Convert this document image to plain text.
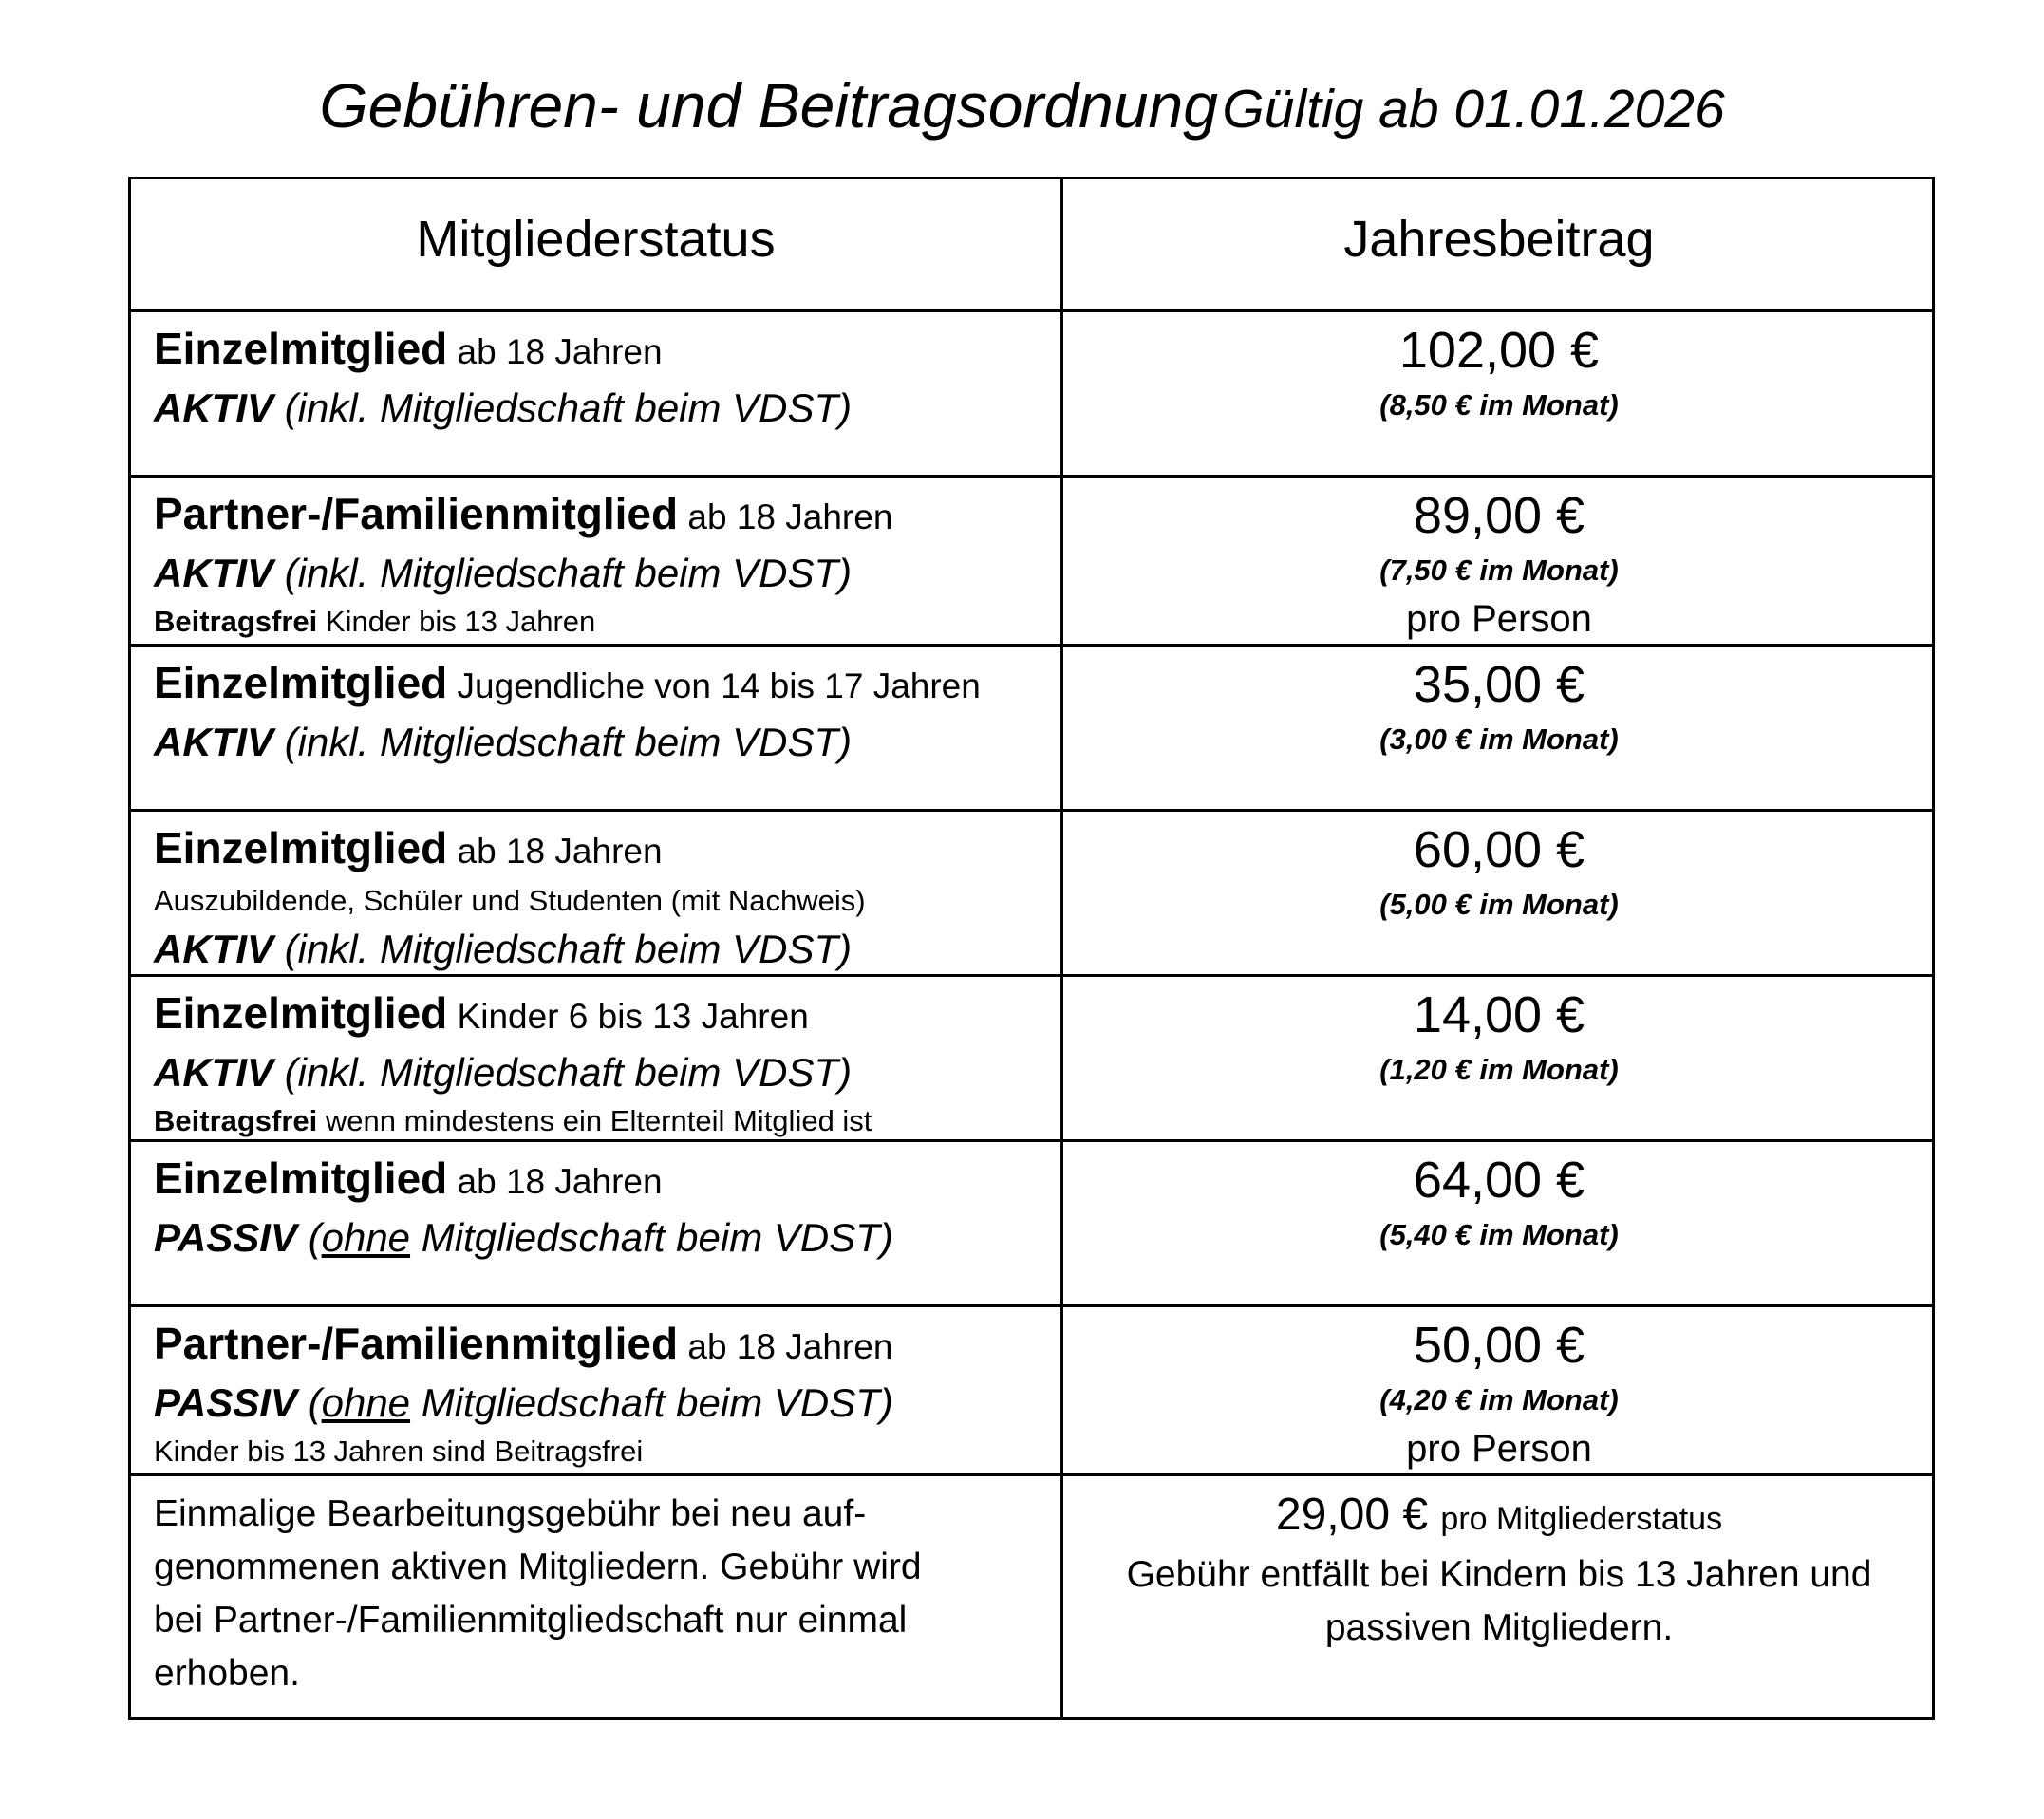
Gebühren- und Beitragsordnung Gültig ab 01.01.2026
Mitgliederstatus	Jahresbeitrag
Einzelmitglied ab 18 Jahren
AKTIV (inkl. Mitgliedschaft beim VDST)
102,00 €
(8,50 € im Monat)
Partner-/Familienmitglied ab 18 Jahren
AKTIV (inkl. Mitgliedschaft beim VDST)
Beitragsfrei Kinder bis 13 Jahren
89,00 €
(7,50 € im Monat)
pro Person
Einzelmitglied Jugendliche von 14 bis 17 Jahren
AKTIV (inkl. Mitgliedschaft beim VDST)
35,00 €
(3,00 € im Monat)
Einzelmitglied ab 18 Jahren
Auszubildende, Schüler und Studenten (mit Nachweis)
AKTIV (inkl. Mitgliedschaft beim VDST)
60,00 €
(5,00 € im Monat)
Einzelmitglied Kinder 6 bis 13 Jahren
AKTIV (inkl. Mitgliedschaft beim VDST)
Beitragsfrei wenn mindestens ein Elternteil Mitglied ist
14,00 €
(1,20 € im Monat)
Einzelmitglied ab 18 Jahren
PASSIV (ohne Mitgliedschaft beim VDST)
64,00 €
(5,40 € im Monat)
Partner-/Familienmitglied ab 18 Jahren
PASSIV (ohne Mitgliedschaft beim VDST)
Kinder bis 13 Jahren sind Beitragsfrei
50,00 €
(4,20 € im Monat)
pro Person
Einmalige Bearbeitungsgebühr bei neu auf-
genommenen aktiven Mitgliedern. Gebühr wird
bei Partner-/Familienmitgliedschaft nur einmal
erhoben.
29,00 € pro Mitgliederstatus
Gebühr entfällt bei Kindern bis 13 Jahren und
passiven Mitgliedern.
